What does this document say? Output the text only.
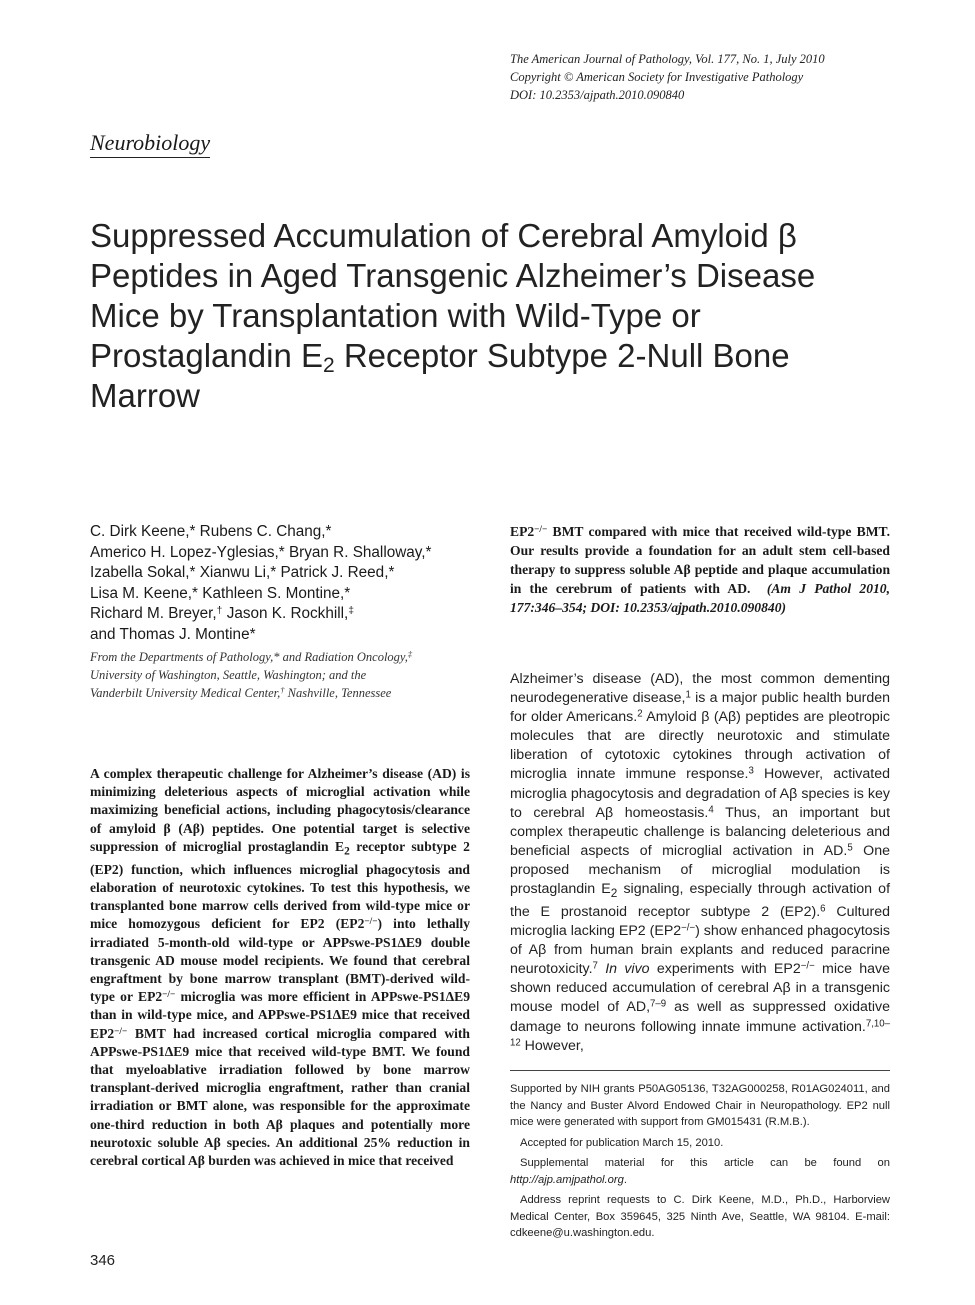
The American Journal of Pathology, Vol. 177, No. 1, July 2010
Copyright © American Society for Investigative Pathology
DOI: 10.2353/ajpath.2010.090840
Neurobiology
Suppressed Accumulation of Cerebral Amyloid β Peptides in Aged Transgenic Alzheimer’s Disease Mice by Transplantation with Wild-Type or Prostaglandin $E_2$ Receptor Subtype 2-Null Bone Marrow
C. Dirk Keene,* Rubens C. Chang,*
Americo H. Lopez-Yglesias,* Bryan R. Shalloway,*
Izabella Sokal,* Xianwu Li,* Patrick J. Reed,*
Lisa M. Keene,* Kathleen S. Montine,*
Richard M. Breyer,† Jason K. Rockhill,‡
and Thomas J. Montine*
From the Departments of Pathology,* and Radiation Oncology,‡
University of Washington, Seattle, Washington; and the
Vanderbilt University Medical Center,† Nashville, Tennessee
A complex therapeutic challenge for Alzheimer’s disease (AD) is minimizing deleterious aspects of microglial activation while maximizing beneficial actions, including phagocytosis/clearance of amyloid β (Aβ) peptides. One potential target is selective suppression of microglial prostaglandin $E_2$ receptor subtype 2 (EP2) function, which influences microglial phagocytosis and elaboration of neurotoxic cytokines. To test this hypothesis, we transplanted bone marrow cells derived from wild-type mice or mice homozygous deficient for EP2 (EP2−/−) into lethally irradiated 5-month-old wild-type or APPswe-PS1ΔE9 double transgenic AD mouse model recipients. We found that cerebral engraftment by bone marrow transplant (BMT)-derived wild-type or EP2−/− microglia was more efficient in APPswe-PS1ΔE9 than in wild-type mice, and APPswe-PS1ΔE9 mice that received EP2−/− BMT had increased cortical microglia compared with APPswe-PS1ΔE9 mice that received wild-type BMT. We found that myeloablative irradiation followed by bone marrow transplant-derived microglia engraftment, rather than cranial irradiation or BMT alone, was responsible for the approximate one-third reduction in both Aβ plaques and potentially more neurotoxic soluble Aβ species. An additional 25% reduction in cerebral cortical Aβ burden was achieved in mice that received
EP2−/− BMT compared with mice that received wild-type BMT. Our results provide a foundation for an adult stem cell-based therapy to suppress soluble Aβ peptide and plaque accumulation in the cerebrum of patients with AD. (Am J Pathol 2010, 177:346–354; DOI: 10.2353/ajpath.2010.090840)
Alzheimer’s disease (AD), the most common dementing neurodegenerative disease,$^1$ is a major public health burden for older Americans.$^2$ Amyloid β (Aβ) peptides are pleotropic molecules that are directly neurotoxic and stimulate liberation of cytotoxic cytokines through activation of microglia innate immune response.$^3$ However, activated microglia phagocytosis and degradation of Aβ species is key to cerebral Aβ homeostasis.$^4$ Thus, an important but complex therapeutic challenge is balancing deleterious and beneficial aspects of microglial activation in AD.$^5$ One proposed mechanism of microglial modulation is prostaglandin $E_2$ signaling, especially through activation of the E prostanoid receptor subtype 2 (EP2).$^6$ Cultured microglia lacking EP2 (EP2−/−) show enhanced phagocytosis of Aβ from human brain explants and reduced paracrine neurotoxicity.$^7$ In vivo experiments with EP2−/− mice have shown reduced accumulation of cerebral Aβ in a transgenic mouse model of AD,$^{7-9}$ as well as suppressed oxidative damage to neurons following innate immune activation.$^{7,10-12}$ However,

Supported by NIH grants P50AG05136, T32AG000258, R01AG024011, and the Nancy and Buster Alvord Endowed Chair in Neuropathology. EP2 null mice were generated with support from GM015431 (R.M.B.).

Accepted for publication March 15, 2010.

Supplemental material for this article can be found on http://ajp.amjpathol.org.

Address reprint requests to C. Dirk Keene, M.D., Ph.D., Harborview Medical Center, Box 359645, 325 Ninth Ave, Seattle, WA 98104. E-mail: cdkeene@u.washington.edu.

346
